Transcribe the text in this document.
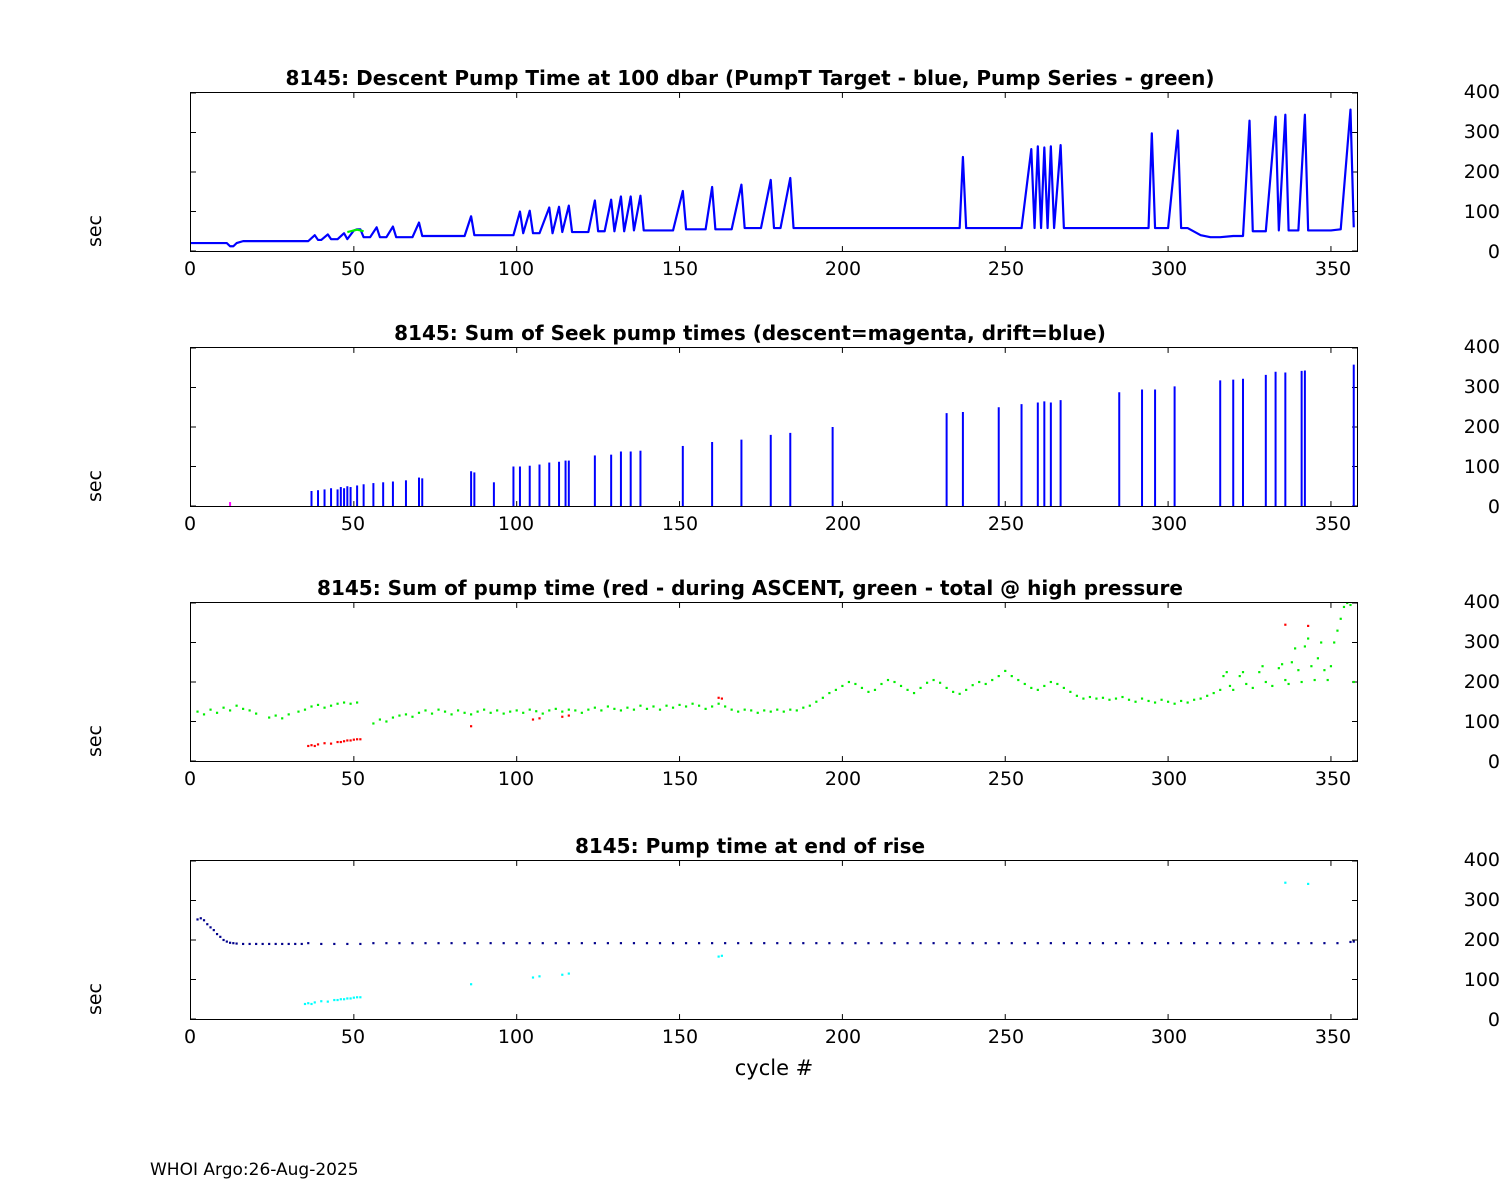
8145: Descent Pump Time at 100 dbar (PumpT Target - blue, Pump Series - green)
sec
400
300
200
100
0
0	50	100	150	200	250	300	350
8145: Sum of Seek pump times (descent=magenta, drift=blue)
sec
400
300
200
100
0
0	50	100	150	200	250	300	350
8145: Sum of pump time (red - during ASCENT, green - total @ high pressure
sec
400
300
200
100
0
0	50	100	150	200	250	300	350
8145: Pump time at end of rise
sec
400
300
200
100
0
0	50	100	150	200	250	300	350
cycle #
WHOI Argo:26-Aug-2025
